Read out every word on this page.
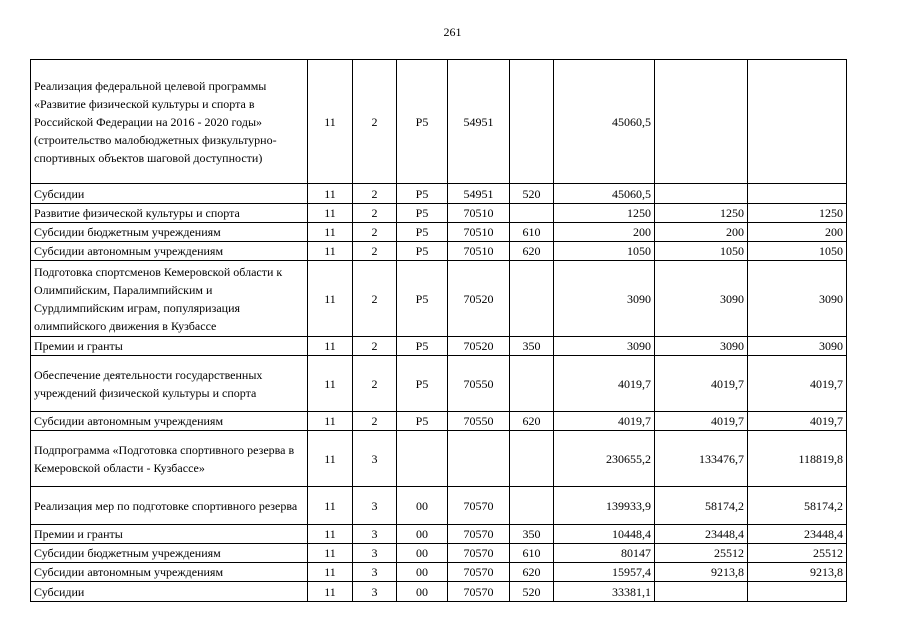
261
Реализация федеральной целевой программы «Развитие физической культуры и спорта в Российской Федерации на 2016 - 2020 годы» (строительство малобюджетных физкультурно-спортивных объектов шаговой доступности)	11	2	P5	54951		45060,5		
Субсидии	11	2	P5	54951	520	45060,5		
Развитие физической культуры и спорта	11	2	P5	70510		1250	1250	1250
Субсидии бюджетным учреждениям	11	2	P5	70510	610	200	200	200
Субсидии автономным учреждениям	11	2	P5	70510	620	1050	1050	1050
Подготовка спортсменов Кемеровской области к Олимпийским, Паралимпийским и Сурдлимпийским играм, популяризация олимпийского движения в Кузбассе	11	2	P5	70520		3090	3090	3090
Премии и гранты	11	2	P5	70520	350	3090	3090	3090
Обеспечение деятельности государственных учреждений физической культуры и спорта	11	2	P5	70550		4019,7	4019,7	4019,7
Субсидии автономным учреждениям	11	2	P5	70550	620	4019,7	4019,7	4019,7
Подпрограмма «Подготовка спортивного резерва в Кемеровской области - Кузбассе»	11	3				230655,2	133476,7	118819,8
Реализация мер по подготовке спортивного резерва	11	3	00	70570		139933,9	58174,2	58174,2
Премии и гранты	11	3	00	70570	350	10448,4	23448,4	23448,4
Субсидии бюджетным учреждениям	11	3	00	70570	610	80147	25512	25512
Субсидии автономным учреждениям	11	3	00	70570	620	15957,4	9213,8	9213,8
Субсидии	11	3	00	70570	520	33381,1		
